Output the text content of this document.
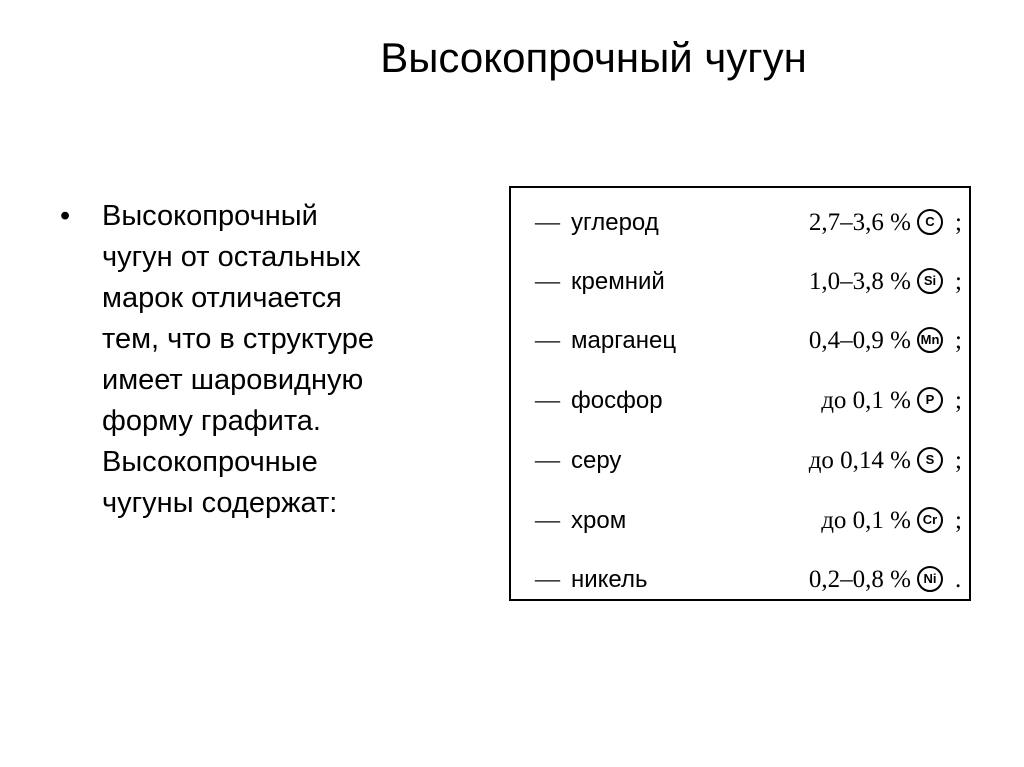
Высокопрочный чугун
•	Высокопрочный
чугун от остальных
марок отличается
тем, что в структуре
имеет шаровидную
форму графита.
Высокопрочные
чугуны содержат:
— углерод	2,7–3,6 %	C ;
— кремний	1,0–3,8 % Si ;
— марганец	0,4–0,9 % Mn ;
— фосфор	до 0,1 %	P ;
— серу	до 0,14 %	S ;
— хром	до 0,1 % Cr ;
— никель	0,2–0,8 % Ni .
